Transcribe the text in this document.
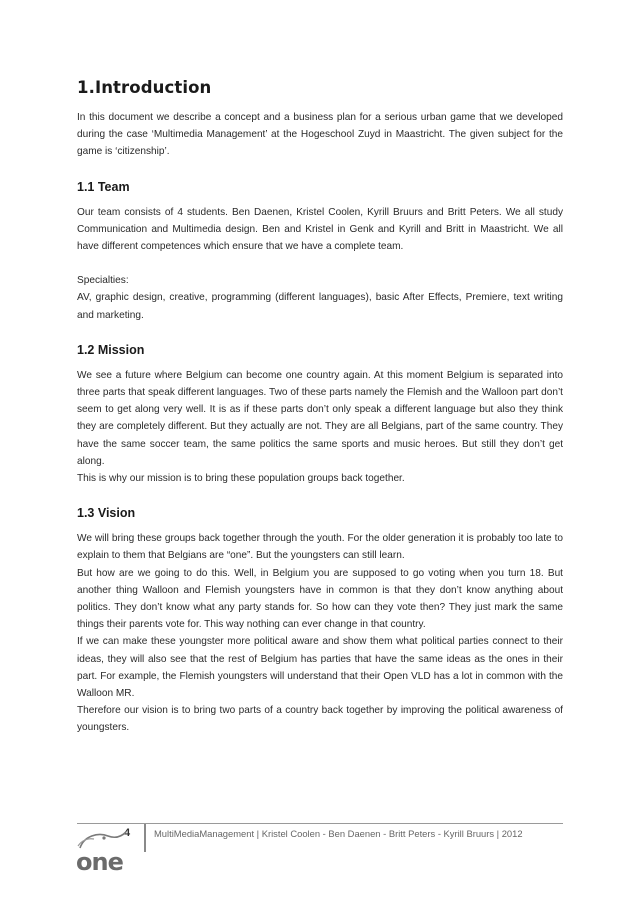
1.Introduction

In this document we describe a concept and a business plan for a serious urban game that we developed during the case ‘Multimedia Management’ at the Hogeschool Zuyd in Maastricht. The given subject for the game is ‘citizenship’.

1.1 Team

Our team consists of 4 students. Ben Daenen, Kristel Coolen, Kyrill Bruurs and Britt Peters. We all study Communication and Multimedia design. Ben and Kristel in Genk and Kyrill and Britt in Maastricht. We all have different competences which ensure that we have a complete team.

Specialties:

AV, graphic design, creative, programming (different languages), basic After Effects, Premiere, text writing and marketing.

1.2 Mission

We see a future where Belgium can become one country again. At this moment Belgium is separated into three parts that speak different languages. Two of these parts namely the Flemish and the Walloon part don’t seem to get along very well. It is as if these parts don’t only speak a different language but also they think they are completely different. But they actually are not. They are all Belgians, part of the same country. They have the same soccer team, the same politics the same sports and music heroes. But still they don’t get along.

This is why our mission is to bring these population groups back together.

1.3 Vision

We will bring these groups back together through the youth. For the older generation it is probably too late to explain to them that Belgians are “one”. But the youngsters can still learn.

But how are we going to do this. Well, in Belgium you are supposed to go voting when you turn 18. But another thing Walloon and Flemish youngsters have in common is that they don’t know anything about politics. They don’t know what any party stands for. So how can they vote then? They just mark the same things their parents vote for. This way nothing can ever change in that country.

If we can make these youngster more political aware and show them what political parties connect to their ideas, they will also see that the rest of Belgium has parties that have the same ideas as the ones in their part. For example, the Flemish youngsters will understand that their Open VLD has a lot in common with the Walloon MR.

Therefore our vision is to bring two parts of a country back together by improving the political awareness of youngsters.

4	MultiMediaManagement | Kristel Coolen - Ben Daenen - Britt Peters - Kyrill Bruurs | 2012
one
